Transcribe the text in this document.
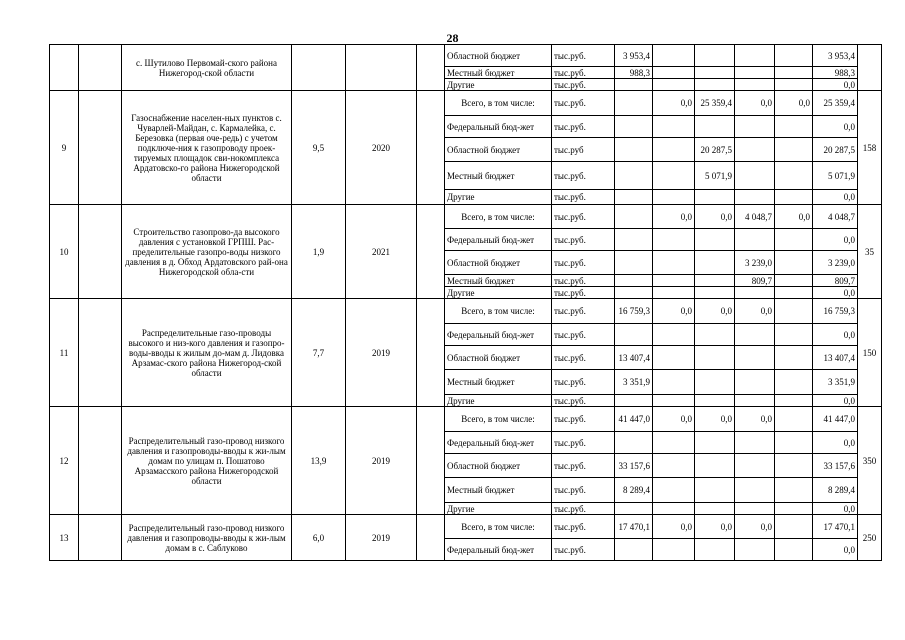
28
		с. Шутилово Первомай-ского района Нижегород-ской области				Областной бюджет	тыс.руб.	3 953,4					3 953,4	
						Местный бюджет	тыс.руб.	988,3					988,3	
						Другие	тыс.руб.						0,0	
9		Газоснабжение населен-ных пунктов с. Чуварлей-Майдан, с. Кармалейка, с. Березовка (первая оче-редь) с учетом подключе-ния к газопроводу проек-тируемых площадок сви-нокомплекса Ардатовско-го района Нижегородской области	9,5	2020		Всего, в том числе:	тыс.руб.		0,0	25 359,4	0,0	0,0	25 359,4	158
						Федеральный бюд-жет	тыс.руб.						0,0	
						Областной бюджет	тыс.руб			20 287,5			20 287,5	
						Местный бюджет	тыс.руб.			5 071,9			5 071,9	
						Другие	тыс.руб.						0,0	
10		Строительство газопрово-да высокого давления с установкой ГРПШ. Рас-пределительные газопро-воды низкого давления в д. Обход Ардатовского рай-она Нижегородской обла-сти	1,9	2021		Всего, в том числе:	тыс.руб.		0,0	0,0	4 048,7	0,0	4 048,7	35
						Федеральный бюд-жет	тыс.руб.						0,0	
						Областной бюджет	тыс.руб.				3 239,0		3 239,0	
						Местный бюджет	тыс.руб.				809,7		809,7	
						Другие	тыс.руб.						0,0	
11		Распределительные газо-проводы высокого и низ-кого давления и газопро-воды-вводы к жилым до-мам д. Лидовка Арзамас-ского района Нижегород-ской области	7,7	2019		Всего, в том числе:	тыс.руб.	16 759,3	0,0	0,0	0,0		16 759,3	150
						Федеральный бюд-жет	тыс.руб.						0,0	
						Областной бюджет	тыс.руб.	13 407,4					13 407,4	
						Местный бюджет	тыс.руб.	3 351,9					3 351,9	
						Другие	тыс.руб.						0,0	
12		Распределительный газо-провод низкого давления и газопроводы-вводы к жи-лым домам по улицам п. Пошатово Арзамасского района Нижегородской области	13,9	2019		Всего, в том числе:	тыс.руб.	41 447,0	0,0	0,0	0,0		41 447,0	350
						Федеральный бюд-жет	тыс.руб.						0,0	
						Областной бюджет	тыс.руб.	33 157,6					33 157,6	
						Местный бюджет	тыс.руб.	8 289,4					8 289,4	
						Другие	тыс.руб.						0,0	
13		Распределительный газо-провод низкого давления и газопроводы-вводы к жи-лым домам в с. Саблуково	6,0	2019		Всего, в том числе:	тыс.руб.	17 470,1	0,0	0,0	0,0		17 470,1	250
						Федеральный бюд-жет	тыс.руб.						0,0	
